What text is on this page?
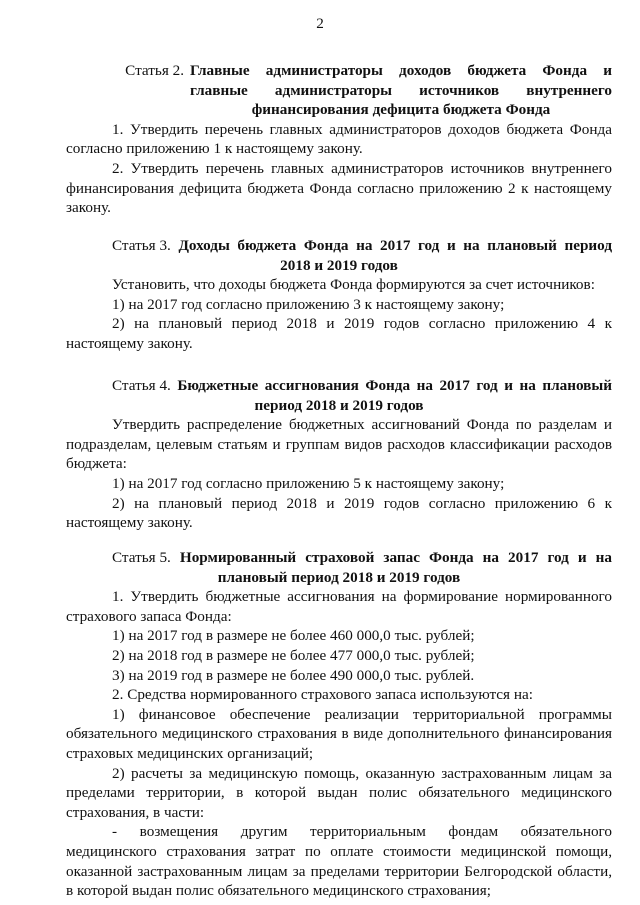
2
Статья 2. Главные администраторы доходов бюджета Фонда и
главные администраторы источников внутреннего
финансирования дефицита бюджета Фонда

1. Утвердить перечень главных администраторов доходов бюджета Фонда согласно приложению 1 к настоящему закону.

2. Утвердить перечень главных администраторов источников внутреннего финансирования дефицита бюджета Фонда согласно приложению 2 к настоящему закону.

Статья 3. Доходы бюджета Фонда на 2017 год и на плановый период
2018 и 2019 годов

Установить, что доходы бюджета Фонда формируются за счет источников:

1) на 2017 год согласно приложению 3 к настоящему закону;

2) на плановый период 2018 и 2019 годов согласно приложению 4 к настоящему закону.

Статья 4. Бюджетные ассигнования Фонда на 2017 год и на плановый
период 2018 и 2019 годов

Утвердить распределение бюджетных ассигнований Фонда по разделам и подразделам, целевым статьям и группам видов расходов классификации расходов бюджета:

1) на 2017 год согласно приложению 5 к настоящему закону;

2) на плановый период 2018 и 2019 годов согласно приложению 6 к настоящему закону.

Статья 5. Нормированный страховой запас Фонда на 2017 год и на
плановый период 2018 и 2019 годов

1. Утвердить бюджетные ассигнования на формирование нормированного страхового запаса Фонда:

1) на 2017 год в размере не более 460 000,0 тыс. рублей;

2) на 2018 год в размере не более 477 000,0 тыс. рублей;

3) на 2019 год в размере не более 490 000,0 тыс. рублей.

2. Средства нормированного страхового запаса используются на:

1) финансовое обеспечение реализации территориальной программы обязательного медицинского страхования в виде дополнительного финансирования страховых медицинских организаций;

2) расчеты за медицинскую помощь, оказанную застрахованным лицам за пределами территории, в которой выдан полис обязательного медицинского страхования, в части:

- возмещения другим территориальным фондам обязательного медицинского страхования затрат по оплате стоимости медицинской помощи, оказанной застрахованным лицам за пределами территории Белгородской области, в которой выдан полис обязательного медицинского страхования;
